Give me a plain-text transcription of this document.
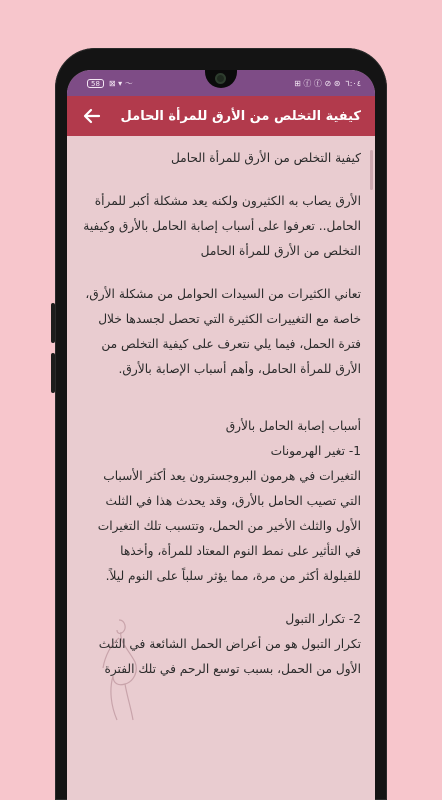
58	⊠ ▾ 〜	⊞ ⓕ ⓕ ⊘ ⊛ ٦:٠٤
كيفية التخلص من الأرق للمرأة الحامل

كيفية التخلص من الأرق للمرأة الحامل

الأرق يصاب به الكثيرون ولكنه يعد مشكلة أكبر للمرأة الحامل.. تعرفوا على أسباب إصابة الحامل بالأرق وكيفية التخلص من الأرق للمرأة الحامل

تعاني الكثيرات من السيدات الحوامل من مشكلة الأرق، خاصة مع التغييرات الكثيرة التي تحصل لجسدها خلال فترة الحمل، فيما يلي نتعرف على كيفية التخلص من الأرق للمرأة الحامل، وأهم أسباب الإصابة بالأرق.

أسباب إصابة الحامل بالأرق
1- تغير الهرمونات

التغيرات في هرمون البروجسترون يعد أكثر الأسباب التي تصيب الحامل بالأرق، وقد يحدث هذا في الثلث الأول والثلث الأخير من الحمل، وتتسبب تلك التغيرات في التأثير على نمط النوم المعتاد للمرأة، وأخذها للقيلولة أكثر من مرة، مما يؤثر سلباً على النوم ليلاً.

2- تكرار التبول

تكرار التبول هو من أعراض الحمل الشائعة في الثلث الأول من الحمل، بسبب توسع الرحم في تلك الفترة
